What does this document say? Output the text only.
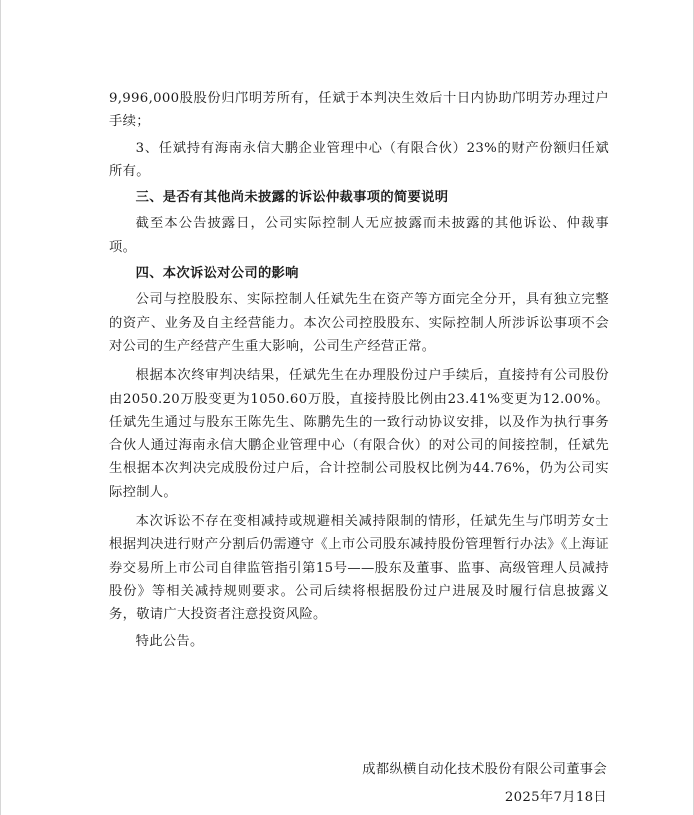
9,996,000股股份归邝明芳所有，任斌于本判决生效后十日内协助邝明芳办理过户手续；

3、任斌持有海南永信大鹏企业管理中心（有限合伙）23%的财产份额归任斌所有。

三、是否有其他尚未披露的诉讼仲裁事项的简要说明

截至本公告披露日，公司实际控制人无应披露而未披露的其他诉讼、仲裁事项。

四、本次诉讼对公司的影响

公司与控股股东、实际控制人任斌先生在资产等方面完全分开，具有独立完整的资产、业务及自主经营能力。本次公司控股股东、实际控制人所涉诉讼事项不会对公司的生产经营产生重大影响，公司生产经营正常。

根据本次终审判决结果，任斌先生在办理股份过户手续后，直接持有公司股份由2050.20万股变更为1050.60万股，直接持股比例由23.41%变更为12.00%。任斌先生通过与股东王陈先生、陈鹏先生的一致行动协议安排，以及作为执行事务合伙人通过海南永信大鹏企业管理中心（有限合伙）的对公司的间接控制，任斌先生根据本次判决完成股份过户后，合计控制公司股权比例为44.76%，仍为公司实际控制人。

本次诉讼不存在变相减持或规避相关减持限制的情形，任斌先生与邝明芳女士根据判决进行财产分割后仍需遵守《上市公司股东减持股份管理暂行办法》《上海证券交易所上市公司自律监管指引第15号——股东及董事、监事、高级管理人员减持股份》等相关减持规则要求。公司后续将根据股份过户进展及时履行信息披露义务，敬请广大投资者注意投资风险。

特此公告。

成都纵横自动化技术股份有限公司董事会
2025年7月18日
